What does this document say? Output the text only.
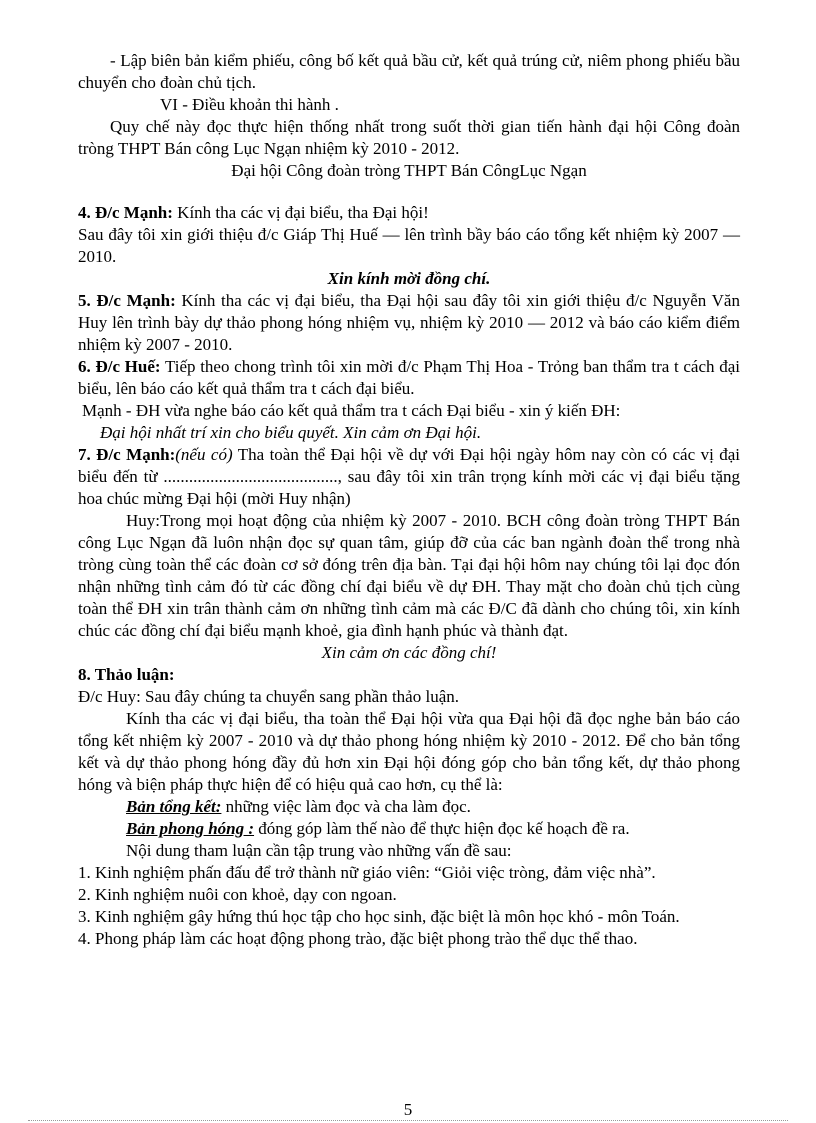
- Lập biên bản kiểm phiếu, công bố kết quả bầu cử, kết quả trúng cử, niêm phong phiếu bầu chuyển cho đoàn chủ tịch.

VI - Điều khoản thi hành .

Quy chế này đọc thực hiện thống nhất trong suốt thời gian tiến hành đại hội Công đoàn tròng THPT Bán công Lục Ngạn nhiệm kỳ 2010 - 2012.

Đại hội Công đoàn tròng THPT Bán CôngLục Ngạn

4. Đ/c Mạnh: Kính tha các vị đại biểu, tha Đại hội!

Sau đây tôi xin giới thiệu đ/c Giáp Thị Huế — lên trình bầy báo cáo tổng kết nhiệm kỳ 2007 — 2010.

Xin kính mời đồng chí.

5. Đ/c Mạnh: Kính tha các vị đại biểu, tha Đại hội sau đây tôi xin giới thiệu đ/c Nguyễn Văn Huy lên trình bày dự thảo phong hóng nhiệm vụ, nhiệm kỳ 2010 — 2012 và báo cáo kiểm điểm nhiệm kỳ 2007 - 2010.

6. Đ/c Huế: Tiếp theo chong trình tôi xin mời đ/c Phạm Thị Hoa - Trỏng ban thẩm tra t cách đại biểu, lên báo cáo kết quả thẩm tra t cách đại biểu.

Mạnh - ĐH vừa nghe báo cáo kết quả thẩm tra t cách Đại biểu - xin ý kiến ĐH:

Đại hội nhất trí xin cho biểu quyết. Xin cảm ơn Đại hội.

7. Đ/c Mạnh:(nếu có) Tha toàn thể Đại hội về dự với Đại hội ngày hôm nay còn có các vị đại biểu đến từ ........................................., sau đây tôi xin trân trọng kính mời các vị đại biểu tặng hoa chúc mừng Đại hội (mời Huy nhận)

Huy:Trong mọi hoạt động của nhiệm kỳ 2007 - 2010. BCH công đoàn tròng THPT Bán công Lục Ngạn đã luôn nhận đọc sự quan tâm, giúp đỡ của các ban ngành đoàn thể trong nhà tròng cùng toàn thể các đoàn cơ sở đóng trên địa bàn. Tại đại hội hôm nay chúng tôi lại đọc đón nhận những tình cảm đó từ các đồng chí đại biểu về dự ĐH. Thay mặt cho đoàn chủ tịch cùng toàn thể ĐH xin trân thành cảm ơn những tình cảm mà các Đ/C đã dành cho chúng tôi, xin kính chúc các đồng chí đại biểu mạnh khoẻ, gia đình hạnh phúc và thành đạt.

Xin cảm ơn các đồng chí!

8. Thảo luận:

Đ/c Huy: Sau đây chúng ta chuyển sang phần thảo luận.

Kính tha các vị đại biểu, tha toàn thể Đại hội vừa qua Đại hội đã đọc nghe bản báo cáo tổng kết nhiệm kỳ 2007 - 2010 và dự thảo phong hóng nhiệm kỳ 2010 - 2012. Để cho bản tổng kết và dự thảo phong hóng đầy đủ hơn xin Đại hội đóng góp cho bản tổng kết, dự thảo phong hóng và biện pháp thực hiện để có hiệu quả cao hơn, cụ thể là:

Bản tổng kết: những việc làm đọc và cha làm đọc.

Bản phong hóng : đóng góp làm thế nào để thực hiện đọc kế hoạch đề ra.

Nội dung tham luận cần tập trung vào những vấn đề sau:

1. Kinh nghiệm phấn đấu để trở thành nữ giáo viên: “Giỏi việc tròng, đảm việc nhà”.

2. Kinh nghiệm nuôi con khoẻ, dạy con ngoan.

3. Kinh nghiệm gây hứng thú học tập cho học sinh, đặc biệt là môn học khó - môn Toán.

4. Phong pháp làm các hoạt động phong trào, đặc biệt phong trào thể dục thể thao.

5
